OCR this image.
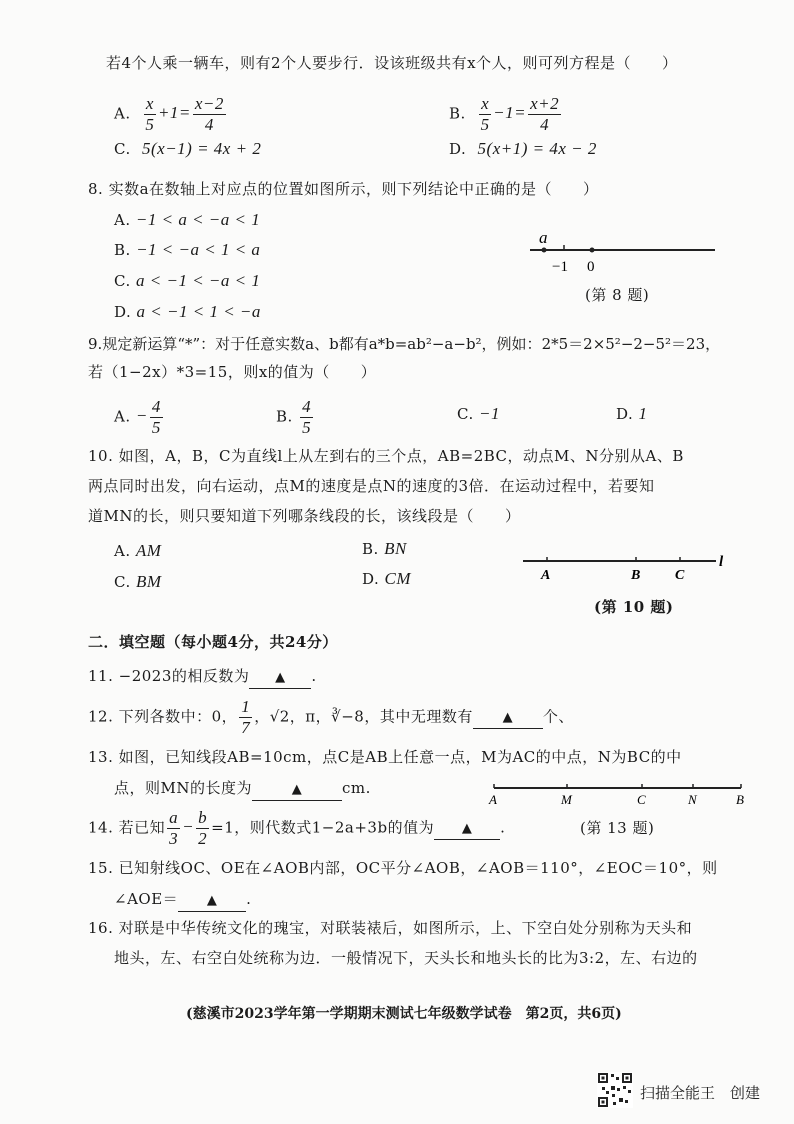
若4个人乘一辆车，则有2个人要步行．设该班级共有x个人，则可列方程是（　　）
A. $\frac{x}{5} +1= \frac{x-2}{4}$	B. $\frac{x}{5} -1= \frac{x+2}{4}$
C. 5(x−1) = 4x + 2	D. 5(x+1) = 4x − 2
8. 实数a在数轴上对应点的位置如图所示，则下列结论中正确的是（　　）
A. −1 < a < −a < 1
B. −1 < −a < 1 < a
C. a < −1 < −a < 1
D. a < −1 < 1 < −a
a
−1 0
(第 8 题)
9.规定新运算“*”：对于任意实数a、b都有a*b=ab²−a−b²，例如：2*5＝2×5²−2−5²＝23，
若（1−2x）*3=15，则x的值为（　　）
A. − $\frac{4}{5}$	B. $\frac{4}{5}$	C. −1	D. 1
10. 如图，A，B，C为直线l上从左到右的三个点，AB=2BC，动点M、N分别从A、B
两点同时出发，向右运动，点M的速度是点N的速度的3倍．在运动过程中，若要知
道MN的长，则只要知道下列哪条线段的长，该线段是（　　）
A. AM	B. BN
C. BM	D. CM	A	B C
l
(第 10 题)
二．填空题（每小题4分，共24分）
11. −2023的相反数为 ▲ .
12. 下列各数中：0， $\frac{1}{7}$ ，√2，π，∛−8，其中无理数有 ▲ 个、
13. 如图，已知线段AB=10cm，点C是AB上任意一点，M为AC的中点，N为BC的中
点，则MN的长度为	▲	cm.
A	M	C	N	B
14. 若已知 $\frac{a}{3} - \frac{b}{2} =1$，则代数式1−2a+3b的值为 ▲ .	(第 13 题)
15. 已知射线OC、OE在∠AOB内部，OC平分∠AOB，∠AOB＝110°，∠EOC＝10°，则
∠AOE＝ ▲ .
16. 对联是中华传统文化的瑰宝，对联装裱后，如图所示，上、下空白处分别称为天头和
地头，左、右空白处统称为边．一般情况下，天头长和地头长的比为3:2，左、右边的
(慈溪市2023学年第一学期期末测试七年级数学试卷　第2页，共6页)
扫描全能王　创建
